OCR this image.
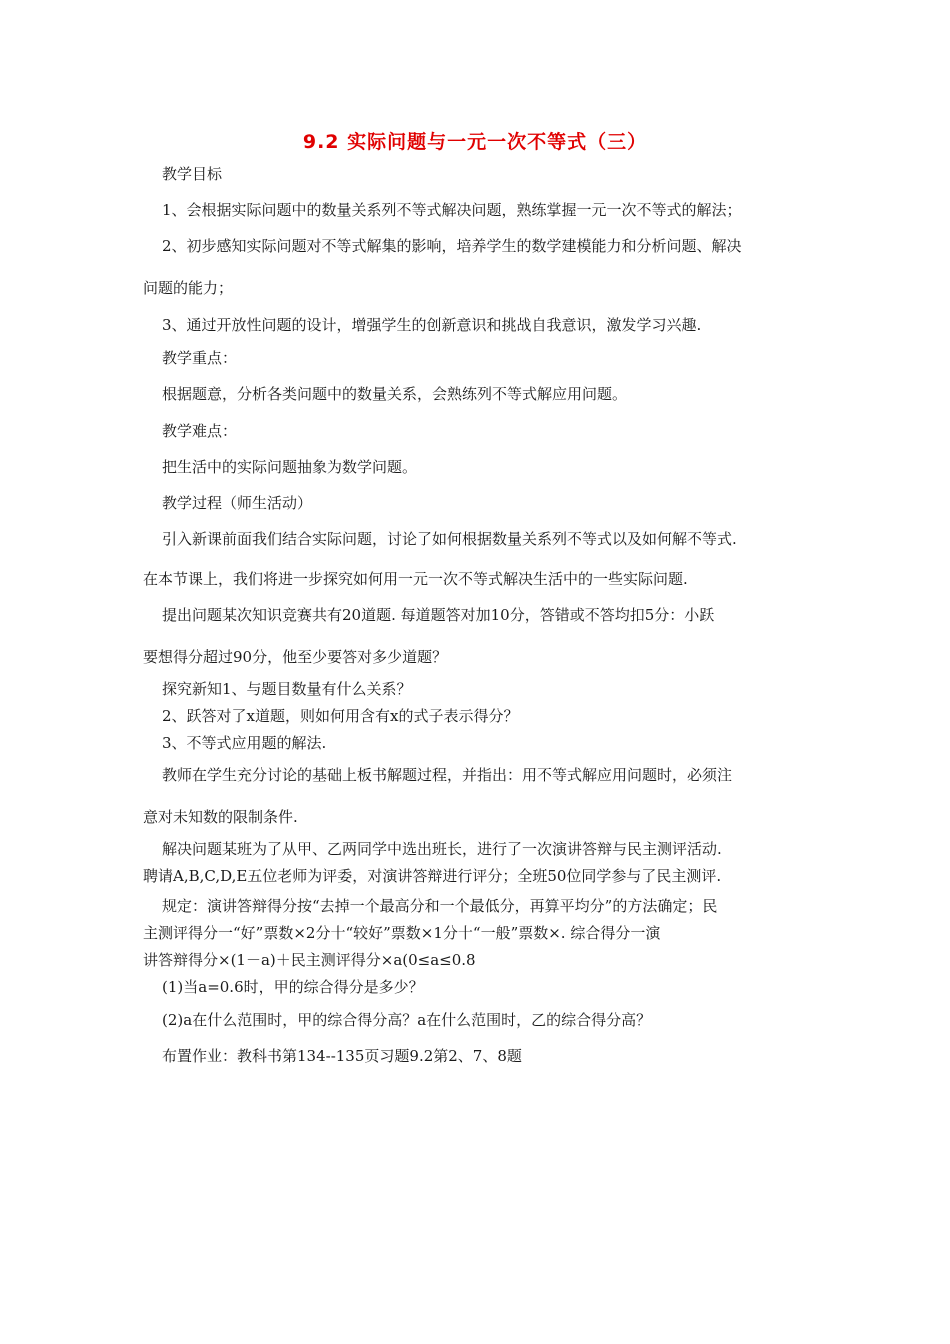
9.2 实际问题与一元一次不等式（三）
教学目标
1、会根据实际问题中的数量关系列不等式解决问题，熟练掌握一元一次不等式的解法；
2、初步感知实际问题对不等式解集的影响，培养学生的数学建模能力和分析问题、解决
问题的能力；
3、通过开放性问题的设计，增强学生的创新意识和挑战自我意识，激发学习兴趣.
教学重点：
根据题意，分析各类问题中的数量关系，会熟练列不等式解应用问题。
教学难点：
把生活中的实际问题抽象为数学问题。
教学过程（师生活动）
引入新课前面我们结合实际问题，讨论了如何根据数量关系列不等式以及如何解不等式.
在本节课上，我们将进一步探究如何用一元一次不等式解决生活中的一些实际问题.
提出问题某次知识竞赛共有20道题. 每道题答对加10分，答错或不答均扣5分：小跃
要想得分超过90分，他至少要答对多少道题？
探究新知1、与题目数量有什么关系？
2、跃答对了x道题，则如何用含有x的式子表示得分？
3、不等式应用题的解法.
教师在学生充分讨论的基础上板书解题过程，并指出：用不等式解应用问题时，必须注
意对未知数的限制条件.
解决问题某班为了从甲、乙两同学中选出班长，进行了一次演讲答辩与民主测评活动.
聘请A,B,C,D,E五位老师为评委，对演讲答辩进行评分；全班50位同学参与了民主测评.
规定：演讲答辩得分按“去掉一个最高分和一个最低分，再算平均分”的方法确定；民
主测评得分一“好”票数×2分十“较好”票数×1分十“一般”票数×. 综合得分一演
讲答辩得分×(1－a)＋民主测评得分×a(0≤a≤0.8
(1)当a=0.6时，甲的综合得分是多少？
(2)a在什么范围时，甲的综合得分高？a在什么范围时，乙的综合得分高？
布置作业：教科书第134--135页习题9.2第2、7、8题
